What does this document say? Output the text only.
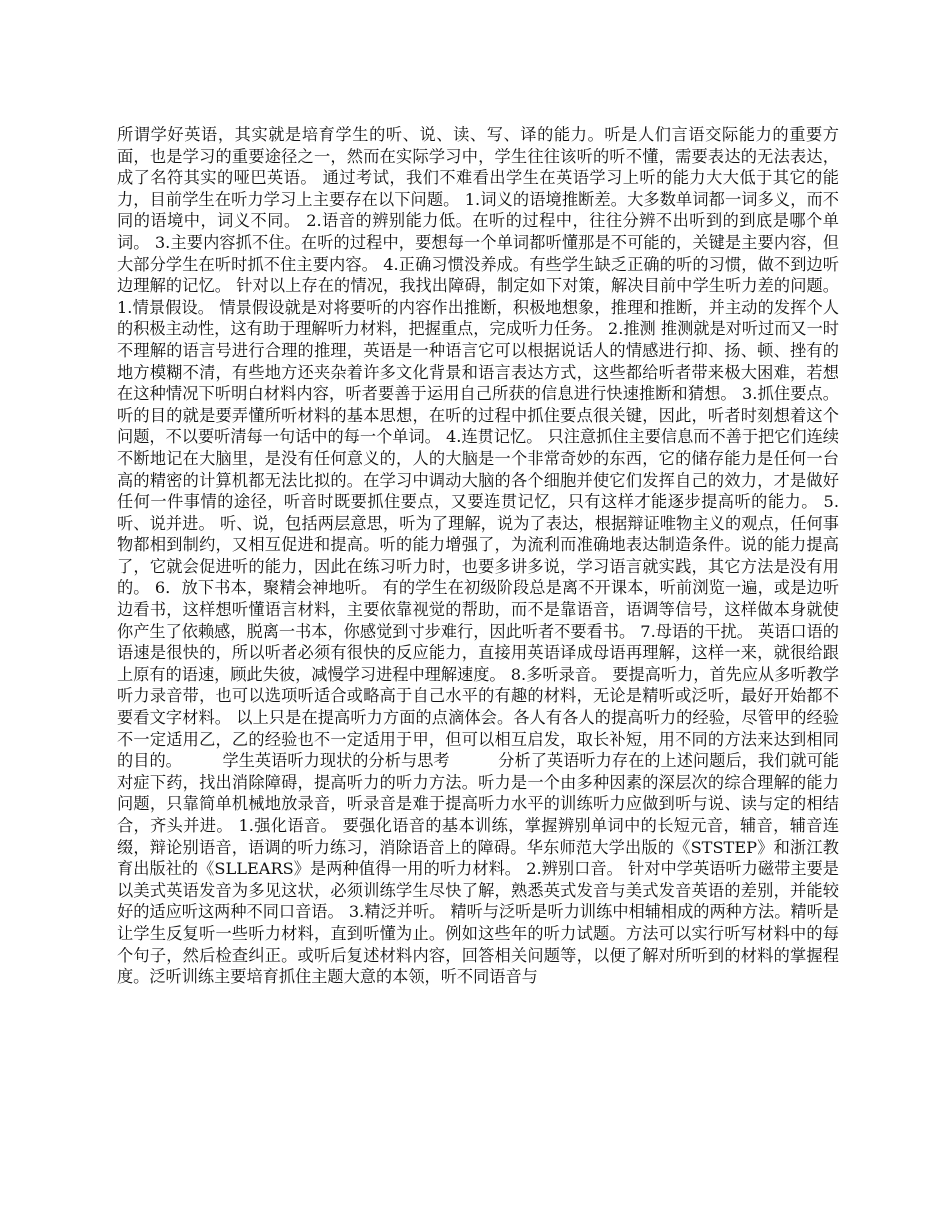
所谓学好英语，其实就是培育学生的听、说、读、写、译的能力。听是人们言语交际能力的重要方面，也是学习的重要途径之一，然而在实际学习中，学生往往该听的听不懂，需要表达的无法表达，成了名符其实的哑巴英语。 通过考试，我们不难看出学生在英语学习上听的能力大大低于其它的能力，目前学生在听力学习上主要存在以下问题。 1.词义的语境推断差。大多数单词都一词多义，而不同的语境中，词义不同。 2.语音的辨别能力低。在听的过程中，往往分辨不出听到的到底是哪个单词。 3.主要内容抓不住。在听的过程中，要想每一个单词都听懂那是不可能的，关键是主要内容，但大部分学生在听时抓不住主要内容。 4.正确习惯没养成。有些学生缺乏正确的听的习惯，做不到边听边理解的记忆。 针对以上存在的情况，我找出障碍，制定如下对策，解决目前中学生听力差的问题。 1.情景假设。 情景假设就是对将要听的内容作出推断，积极地想象，推理和推断，并主动的发挥个人的积极主动性，这有助于理解听力材料，把握重点，完成听力任务。 2.推测 推测就是对听过而又一时不理解的语言号进行合理的推理，英语是一种语言它可以根据说话人的情感进行抑、扬、顿、挫有的地方模糊不清，有些地方还夹杂着许多文化背景和语言表达方式，这些都给听者带来极大困难，若想在这种情况下听明白材料内容，听者要善于运用自己所获的信息进行快速推断和猜想。 3.抓住要点。 听的目的就是要弄懂所听材料的基本思想，在听的过程中抓住要点很关键，因此，听者时刻想着这个问题，不以要听清每一句话中的每一个单词。 4.连贯记忆。 只注意抓住主要信息而不善于把它们连续不断地记在大脑里，是没有任何意义的，人的大脑是一个非常奇妙的东西，它的储存能力是任何一台高的精密的计算机都无法比拟的。在学习中调动大脑的各个细胞并使它们发挥自己的效力，才是做好任何一件事情的途径，听音时既要抓住要点，又要连贯记忆，只有这样才能逐步提高听的能力。 5.听、说并进。 听、说，包括两层意思，听为了理解，说为了表达，根据辩证唯物主义的观点，任何事物都相到制约，又相互促进和提高。听的能力增强了，为流利而准确地表达制造条件。说的能力提高了，它就会促进听的能力，因此在练习听力时，也要多讲多说，学习语言就实践，其它方法是没有用的。 6．放下书本，聚精会神地听。 有的学生在初级阶段总是离不开课本，听前浏览一遍，或是边听边看书，这样想听懂语言材料，主要依靠视觉的帮助，而不是靠语音，语调等信号，这样做本身就使你产生了依赖感，脱离一书本，你感觉到寸步难行，因此听者不要看书。 7.母语的干扰。 英语口语的语速是很快的，所以听者必须有很快的反应能力，直接用英语译成母语再理解，这样一来，就很给跟上原有的语速，顾此失彼，减慢学习进程中理解速度。 8.多听录音。 要提高听力，首先应从多听教学听力录音带，也可以选项听适合或略高于自己水平的有趣的材料，无论是精听或泛听，最好开始都不要看文字材料。 以上只是在提高听力方面的点滴体会。各人有各人的提高听力的经验，尽管甲的经验不一定适用乙，乙的经验也不一定适用于甲，但可以相互启发，取长补短，用不同的方法来达到相同的目的。　　　学生英语听力现状的分析与思考　　　分析了英语听力存在的上述问题后，我们就可能对症下药，找出消除障碍，提高听力的听力方法。听力是一个由多种因素的深层次的综合理解的能力问题，只靠简单机械地放录音，听录音是难于提高听力水平的训练听力应做到听与说、读与定的相结合，齐头并进。 1.强化语音。 要强化语音的基本训练，掌握辨别单词中的长短元音，辅音，辅音连缀，辩论别语音，语调的听力练习，消除语音上的障碍。华东师范大学出版的《STSTEP》和浙江教育出版社的《SLLEARS》是两种值得一用的听力材料。 2.辨别口音。 针对中学英语听力磁带主要是以美式英语发音为多见这状，必须训练学生尽快了解，熟悉英式发音与美式发音英语的差别，并能较好的适应听这两种不同口音语。 3.精泛并听。 精听与泛听是听力训练中相辅相成的两种方法。精听是让学生反复听一些听力材料，直到听懂为止。例如这些年的听力试题。方法可以实行听写材料中的每个句子，然后检查纠正。或听后复述材料内容，回答相关问题等，以便了解对所听到的材料的掌握程度。泛听训练主要培育抓住主题大意的本领，听不同语音与
